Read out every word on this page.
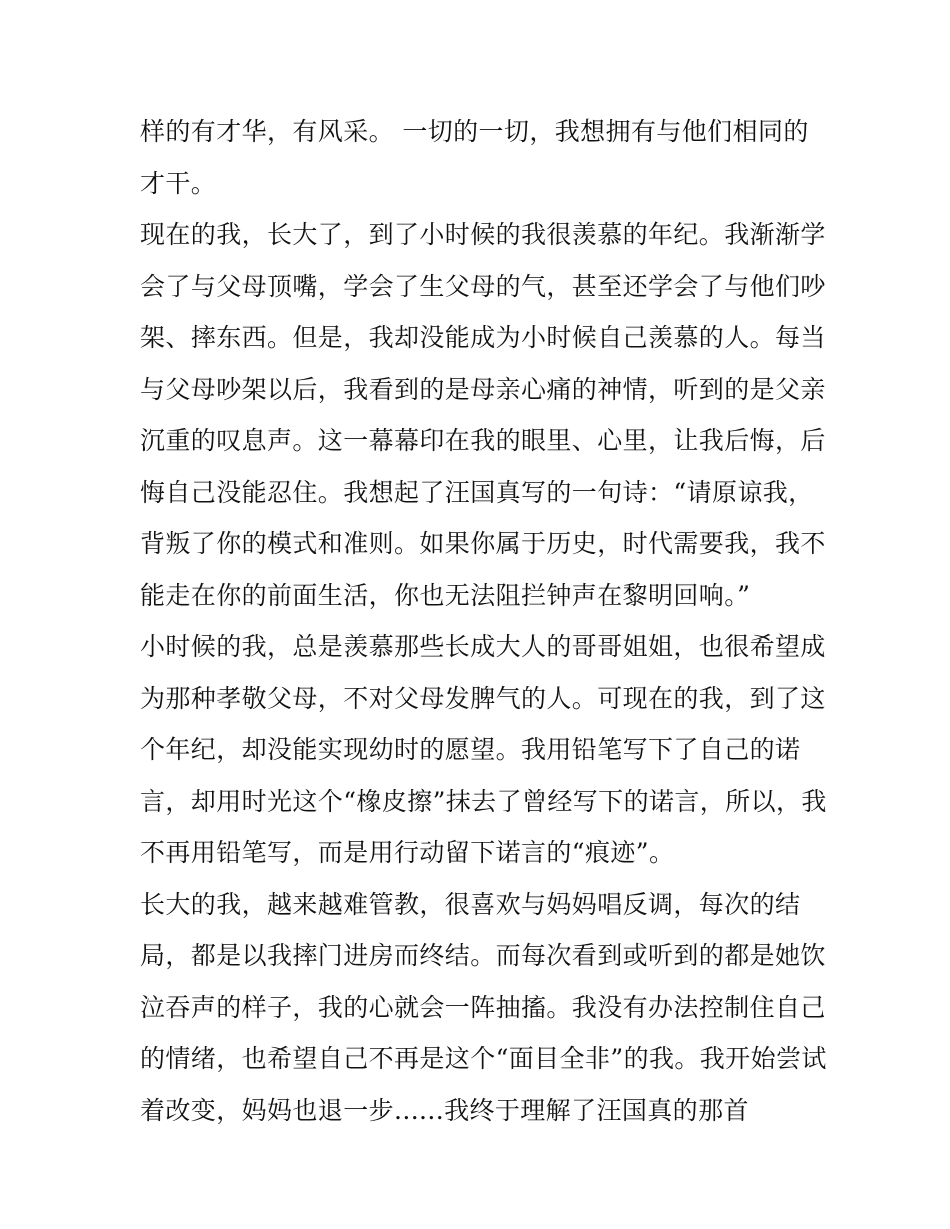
样的有才华，有风采。 一切的一切，我想拥有与他们相同的
才干。
现在的我，长大了，到了小时候的我很羡慕的年纪。我渐渐学
会了与父母顶嘴，学会了生父母的气，甚至还学会了与他们吵
架、摔东西。但是，我却没能成为小时候自己羡慕的人。每当
与父母吵架以后，我看到的是母亲心痛的神情，听到的是父亲
沉重的叹息声。这一幕幕印在我的眼里、心里，让我后悔，后
悔自己没能忍住。我想起了汪国真写的一句诗：“请原谅我，
背叛了你的模式和准则。如果你属于历史，时代需要我，我不
能走在你的前面生活，你也无法阻拦钟声在黎明回响。”
小时候的我，总是羡慕那些长成大人的哥哥姐姐，也很希望成
为那种孝敬父母，不对父母发脾气的人。可现在的我，到了这
个年纪，却没能实现幼时的愿望。我用铅笔写下了自己的诺
言，却用时光这个“橡皮擦”抹去了曾经写下的诺言，所以，我
不再用铅笔写，而是用行动留下诺言的“痕迹”。
长大的我，越来越难管教，很喜欢与妈妈唱反调，每次的结
局，都是以我摔门进房而终结。而每次看到或听到的都是她饮
泣吞声的样子，我的心就会一阵抽搐。我没有办法控制住自己
的情绪，也希望自己不再是这个“面目全非”的我。我开始尝试
着改变，妈妈也退一步......我终于理解了汪国真的那首
